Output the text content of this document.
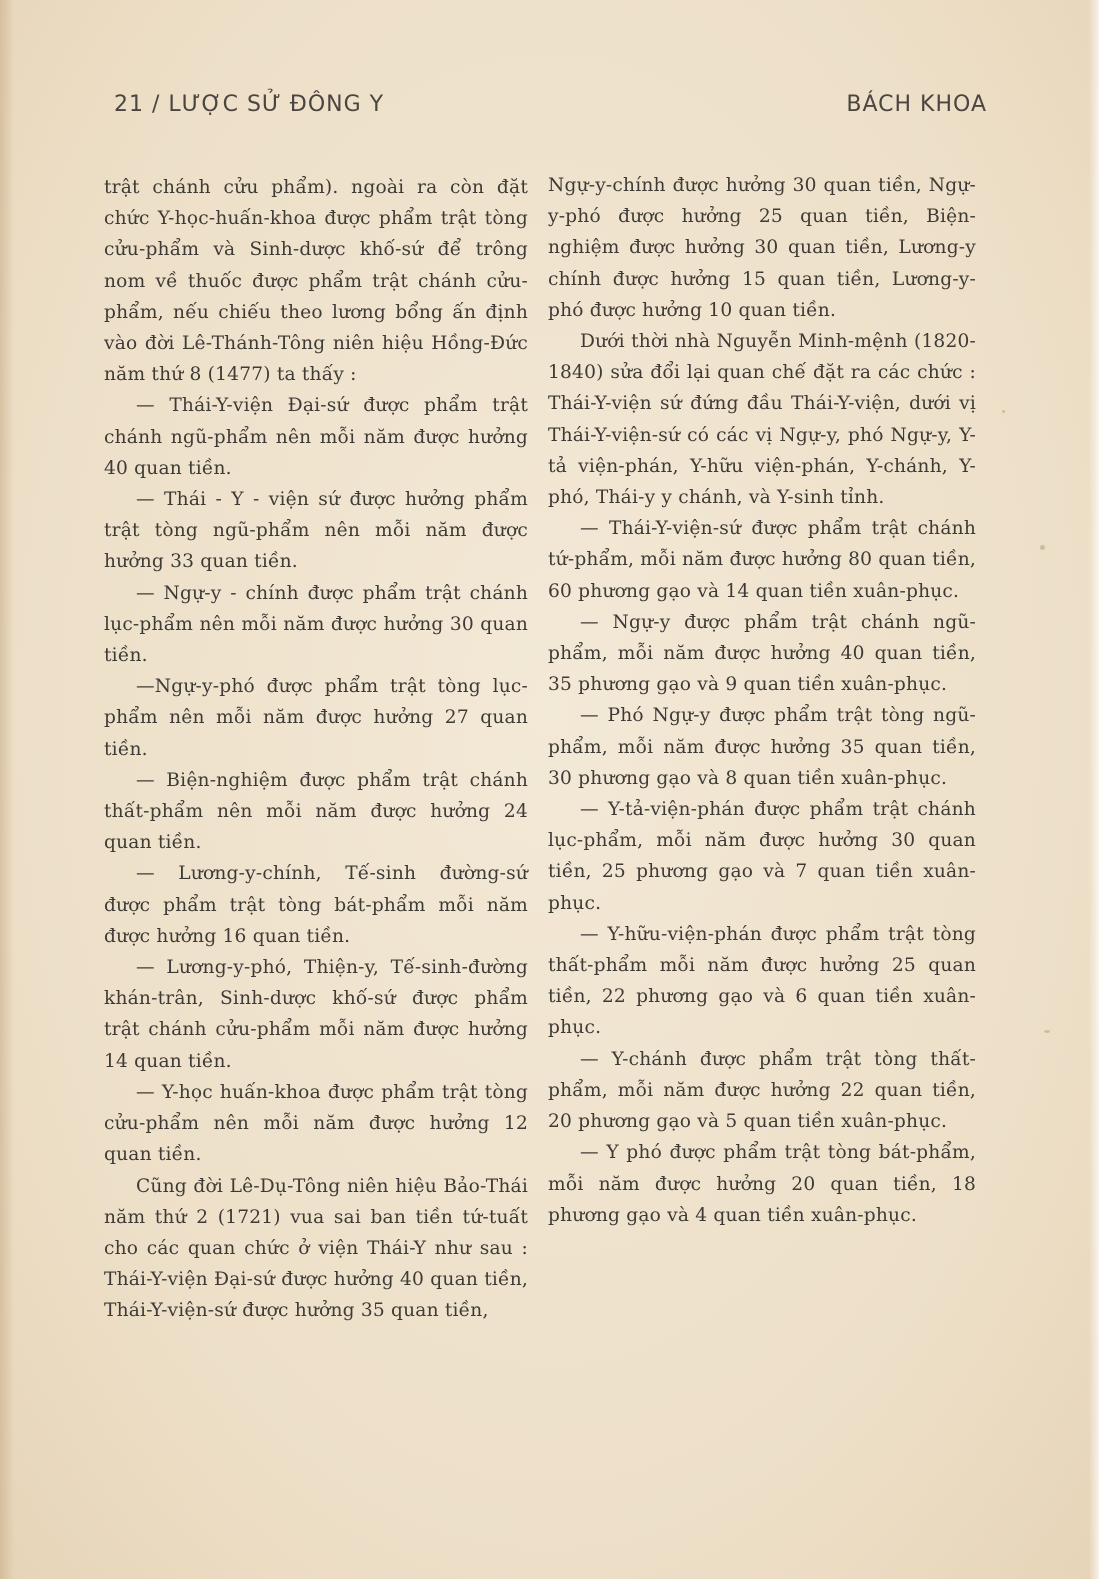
21 / LƯỢC SỬ ĐÔNG Y	BÁCH KHOA

trật chánh cửu phẩm). ngoài ra còn đặt chức Y-học-huấn-khoa được phẩm trật tòng cửu-phẩm và Sinh-dược khố-sứ để trông nom về thuốc được phẩm trật chánh cửu-phẩm, nếu chiếu theo lương bổng ấn định vào đời Lê-Thánh-Tông niên hiệu Hồng-Đức năm thứ 8 (1477) ta thấy :

— Thái-Y-viện Đại-sứ được phẩm trật chánh ngũ-phẩm nên mỗi năm được hưởng 40 quan tiền.

— Thái - Y - viện sứ được hưởng phẩm trật tòng ngũ-phẩm nên mỗi năm được hưởng 33 quan tiền.

— Ngự-y - chính được phẩm trật chánh lục-phẩm nên mỗi năm được hưởng 30 quan tiền.

—Ngự-y-phó được phẩm trật tòng lục-phẩm nên mỗi năm được hưởng 27 quan tiền.

— Biện-nghiệm được phẩm trật chánh thất-phẩm nên mỗi năm được hưởng 24 quan tiền.

— Lương-y-chính, Tế-sinh đường-sứ được phẩm trật tòng bát-phẩm mỗi năm được hưởng 16 quan tiền.

— Lương-y-phó, Thiện-y, Tế-sinh-đường khán-trân, Sinh-dược khố-sứ được phẩm trật chánh cửu-phẩm mỗi năm được hưởng 14 quan tiền.

— Y-học huấn-khoa được phẩm trật tòng cửu-phẩm nên mỗi năm được hưởng 12 quan tiền.

Cũng đời Lê-Dụ-Tông niên hiệu Bảo-Thái năm thứ 2 (1721) vua sai ban tiền tứ-tuất cho các quan chức ở viện Thái-Y như sau : Thái-Y-viện Đại-sứ được hưởng 40 quan tiền, Thái-Y-viện-sứ được hưởng 35 quan tiền,

Ngự-y-chính được hưởng 30 quan tiền, Ngự-y-phó được hưởng 25 quan tiền, Biện-nghiệm được hưởng 30 quan tiền, Lương-y chính được hưởng 15 quan tiền, Lương-y-phó được hưởng 10 quan tiền.

Dưới thời nhà Nguyễn Minh-mệnh (1820-1840) sửa đổi lại quan chế đặt ra các chức : Thái-Y-viện sứ đứng đầu Thái-Y-viện, dưới vị Thái-Y-viện-sứ có các vị Ngự-y, phó Ngự-y, Y-tả viện-phán, Y-hữu viện-phán, Y-chánh, Y-phó, Thái-y y chánh, và Y-sinh tỉnh.

— Thái-Y-viện-sứ được phẩm trật chánh tứ-phẩm, mỗi năm được hưởng 80 quan tiền, 60 phương gạo và 14 quan tiền xuân-phục.

— Ngự-y được phẩm trật chánh ngũ-phẩm, mỗi năm được hưởng 40 quan tiền, 35 phương gạo và 9 quan tiền xuân-phục.

— Phó Ngự-y được phẩm trật tòng ngũ-phẩm, mỗi năm được hưởng 35 quan tiền, 30 phương gạo và 8 quan tiền xuân-phục.

— Y-tả-viện-phán được phẩm trật chánh lục-phẩm, mỗi năm được hưởng 30 quan tiền, 25 phương gạo và 7 quan tiền xuân-phục.

— Y-hữu-viện-phán được phẩm trật tòng thất-phẩm mỗi năm được hưởng 25 quan tiền, 22 phương gạo và 6 quan tiền xuân-phục.

— Y-chánh được phẩm trật tòng thất-phẩm, mỗi năm được hưởng 22 quan tiền, 20 phương gạo và 5 quan tiền xuân-phục.

— Y phó được phẩm trật tòng bát-phẩm, mỗi năm được hưởng 20 quan tiền, 18 phương gạo và 4 quan tiền xuân-phục.
